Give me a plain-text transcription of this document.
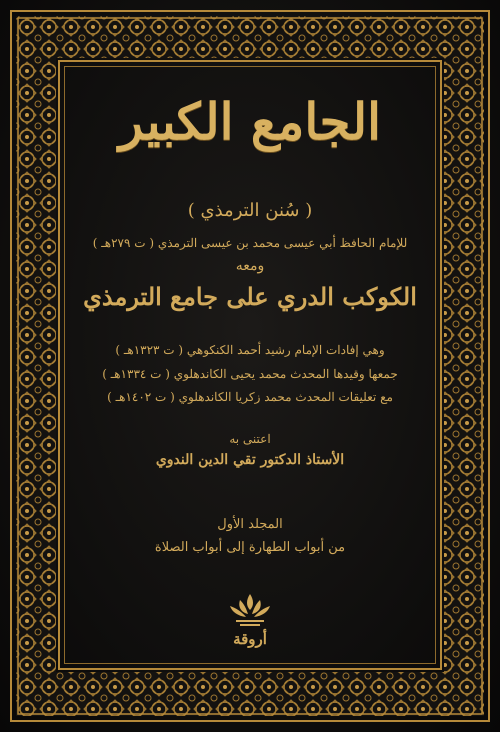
الجامع الكبير
( سُنن الترمذي )
للإمام الحافظ أبي عيسى محمد بن عيسى الترمذي ( ت ٢٧٩هـ )
ومعه
الكوكب الدري على جامع الترمذي
وهي إفادات الإمام رشيد أحمد الكنكوهي ( ت ١٣٢٣هـ )
جمعها وقيدها المحدث محمد يحيى الكاندهلوي ( ت ١٣٣٤هـ )
مع تعليقات المحدث محمد زكريا الكاندهلوي ( ت ١٤٠٢هـ )
اعتنى به
الأستاذ الدكتور تقي الدين الندوي
المجلد الأول
من أبواب الطهارة إلى أبواب الصلاة
أروقة
